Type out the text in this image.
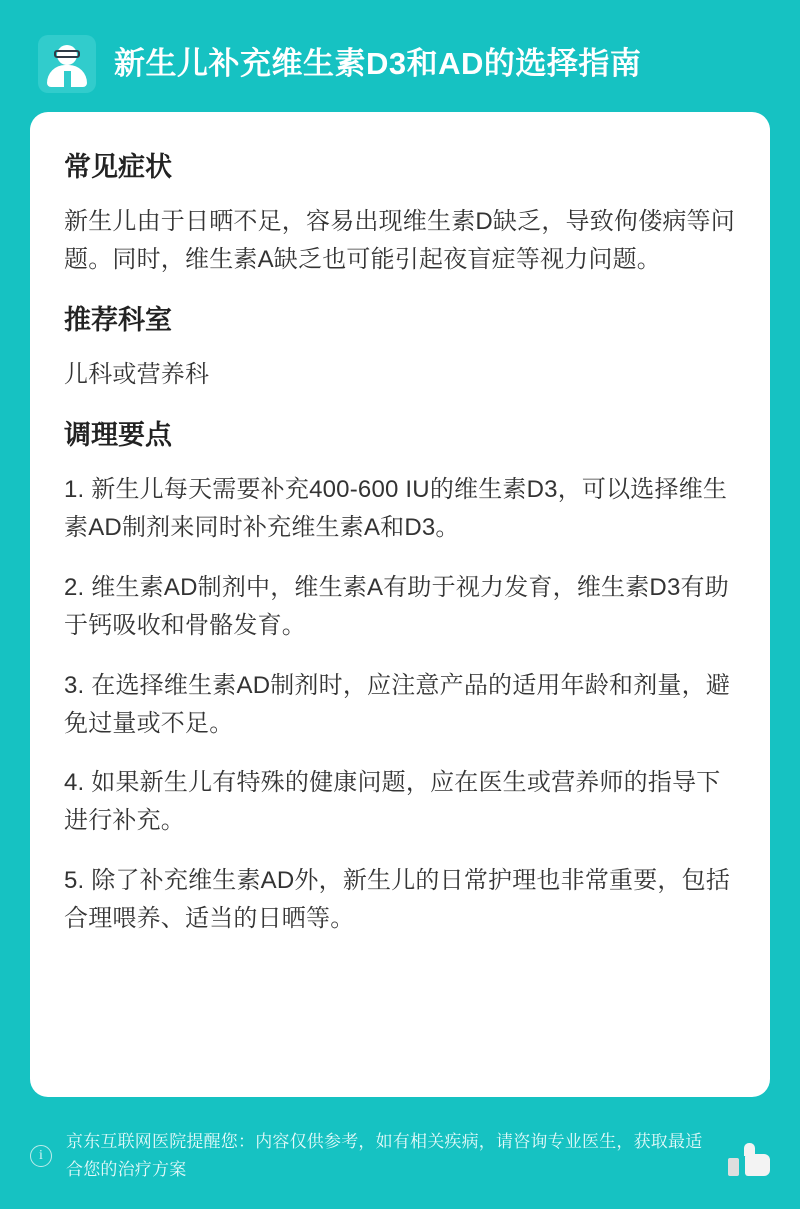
新生儿补充维生素D3和AD的选择指南
常见症状

新生儿由于日晒不足，容易出现维生素D缺乏，导致佝偻病等问题。同时，维生素A缺乏也可能引起夜盲症等视力问题。

推荐科室

儿科或营养科

调理要点

1. 新生儿每天需要补充400-600 IU的维生素D3，可以选择维生素AD制剂来同时补充维生素A和D3。

2. 维生素AD制剂中，维生素A有助于视力发育，维生素D3有助于钙吸收和骨骼发育。

3. 在选择维生素AD制剂时，应注意产品的适用年龄和剂量，避免过量或不足。

4. 如果新生儿有特殊的健康问题，应在医生或营养师的指导下进行补充。

5. 除了补充维生素AD外，新生儿的日常护理也非常重要，包括合理喂养、适当的日晒等。

i
京东互联网医院提醒您：内容仅供参考，如有相关疾病，请咨询专业医生，获取最适合您的治疗方案
